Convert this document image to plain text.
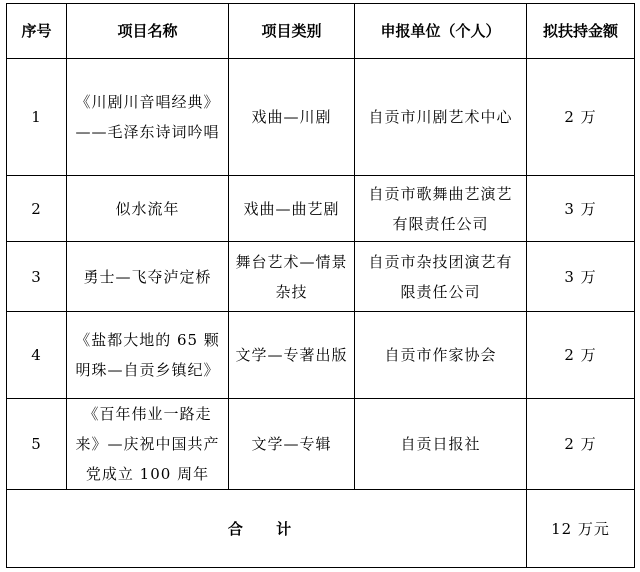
序号	项目名称	项目类别	申报单位（个人）	拟扶持金额
1	《川剧川音唱经典》——毛泽东诗词吟唱	戏曲—川剧	自贡市川剧艺术中心	2 万
2	似水流年	戏曲—曲艺剧	自贡市歌舞曲艺演艺有限责任公司	3 万
3	勇士—飞夺泸定桥	舞台艺术—情景杂技	自贡市杂技团演艺有限责任公司	3 万
4	《盐都大地的 65 颗明珠—自贡乡镇纪》	文学—专著出版	自贡市作家协会	2 万
5	《百年伟业一路走来》—庆祝中国共产党成立 100 周年	文学—专辑	自贡日报社	2 万
合 计				12 万元
